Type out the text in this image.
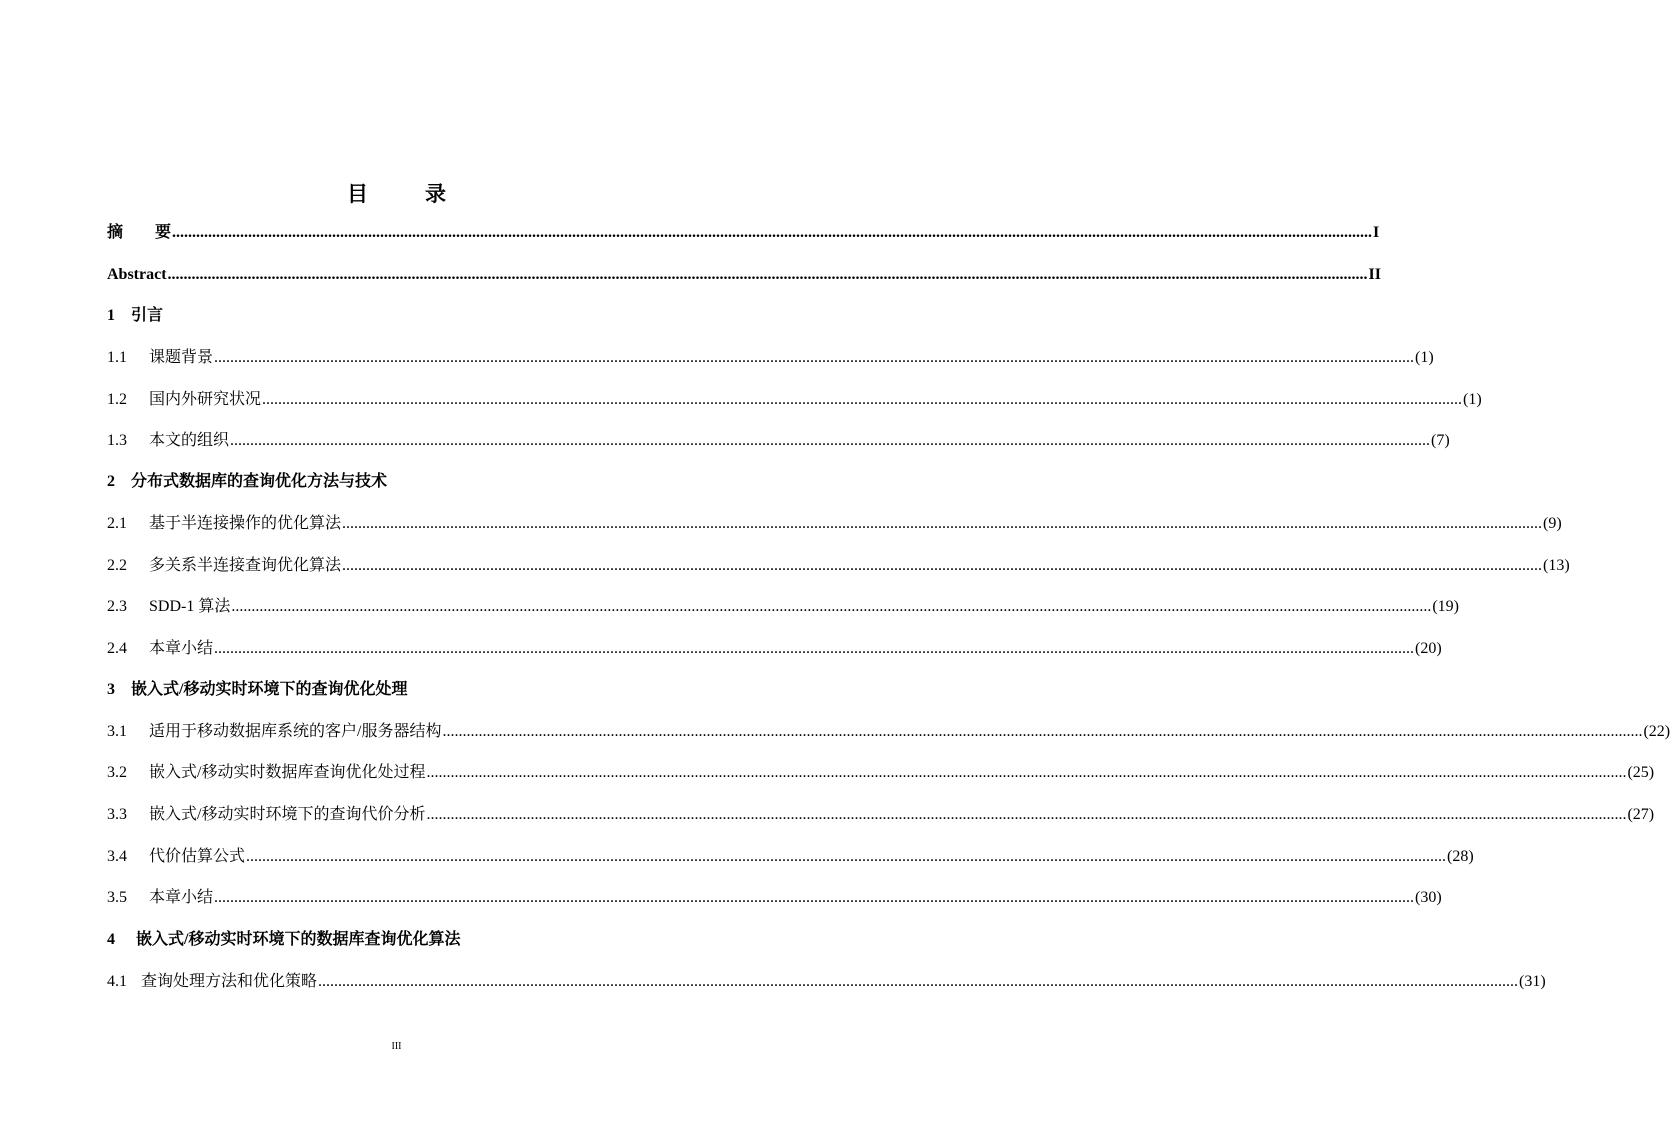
目　录
摘　　要 ............................................................................................................................................................................................................................................................................................................ I
Abstract ............................................................................................................................................................................................................................................................................................................ II
1	引言
1.1	课题背景 ............................................................................................................................................................................................................................................................................................................ (1)
1.2	国内外研究状况 ............................................................................................................................................................................................................................................................................................................ (1)
1.3	本文的组织 ............................................................................................................................................................................................................................................................................................................ (7)
2	分布式数据库的查询优化方法与技术
2.1	基于半连接操作的优化算法 ............................................................................................................................................................................................................................................................................................................ (9)
2.2	多关系半连接查询优化算法 ............................................................................................................................................................................................................................................................................................................ (13)
2.3	SDD-1 算法 ............................................................................................................................................................................................................................................................................................................ (19)
2.4	本章小结 ............................................................................................................................................................................................................................................................................................................ (20)
3	嵌入式/移动实时环境下的查询优化处理
3.1	适用于移动数据库系统的客户/服务器结构 ............................................................................................................................................................................................................................................................................................................ (22)
3.2	嵌入式/移动实时数据库查询优化处过程 ............................................................................................................................................................................................................................................................................................................ (25)
3.3	嵌入式/移动实时环境下的查询代价分析 ............................................................................................................................................................................................................................................................................................................ (27)
3.4	代价估算公式 ............................................................................................................................................................................................................................................................................................................ (28)
3.5	本章小结 ............................................................................................................................................................................................................................................................................................................ (30)
4	嵌入式/移动实时环境下的数据库查询优化算法
4.1 查询处理方法和优化策略 ............................................................................................................................................................................................................................................................................................................ (31)
III
